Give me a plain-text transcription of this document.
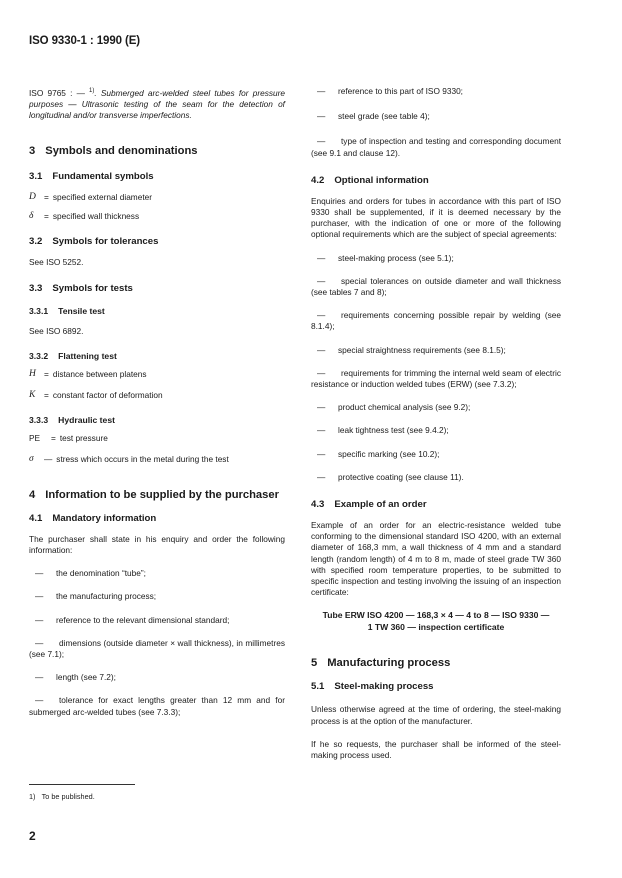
ISO 9330-1 : 1990 (E)

ISO 9765 : — $^{1)}$. Submerged arc-welded steel tubes for pressure purposes — Ultrasonic testing of the seam for the detection of longitudinal and/or transverse imperfections.

3 Symbols and denominations
3.1 Fundamental symbols
D = specified external diameter
δ	= specified wall thickness
3.2 Symbols for tolerances

See ISO 5252.

3.3 Symbols for tests
3.3.1 Tensile test

See ISO 6892.

3.3.2 Flattening test
H = distance between platens
K	= constant factor of deformation
3.3.3 Hydraulic test
PE	= test pressure
σ	— stress which occurs in the metal during the test
4 Information to be supplied by the purchaser
4.1 Mandatory information

The purchaser shall state in his enquiry and order the following information:

—	the denomination “tube”;
—	the manufacturing process;
—	reference to the relevant dimensional standard;
— dimensions (outside diameter × wall thickness), in millimetres (see 7.1);
—	length (see 7.2);
— tolerance for exact lengths greater than 12 mm and for submerged arc-welded tubes (see 7.3.3);
—	reference to this part of ISO 9330;
—	steel grade (see table 4);
— type of inspection and testing and corresponding document (see 9.1 and clause 12).
4.2 Optional information

Enquiries and orders for tubes in accordance with this part of ISO 9330 shall be supplemented, if it is deemed necessary by the purchaser, with the indication of one or more of the following optional requirements which are the subject of special agreements:

—	steel-making process (see 5.1);
— special tolerances on outside diameter and wall thickness (see tables 7 and 8);
— requirements concerning possible repair by welding (see 8.1.4);
—	special straightness requirements (see 8.1.5);
— requirements for trimming the internal weld seam of electric resistance or induction welded tubes (ERW) (see 7.3.2);
—	product chemical analysis (see 9.2);
—	leak tightness test (see 9.4.2);
—	specific marking (see 10.2);
—	protective coating (see clause 11).
4.3 Example of an order

Example of an order for an electric-resistance welded tube conforming to the dimensional standard ISO 4200, with an external diameter of 168,3 mm, a wall thickness of 4 mm and a standard length (random length) of 4 m to 8 m, made of steel grade TW 360 with specified room temperature properties, to be submitted to specific inspection and testing involving the issuing of an inspection certificate:

Tube ERW ISO 4200 — 168,3 × 4 — 4 to 8 — ISO 9330 —
1 TW 360 — inspection certificate
5 Manufacturing process
5.1 Steel-making process

Unless otherwise agreed at the time of ordering, the steel-making process is at the option of the manufacturer.

If he so requests, the purchaser shall be informed of the steel-making process used.

1) To be published.
2
